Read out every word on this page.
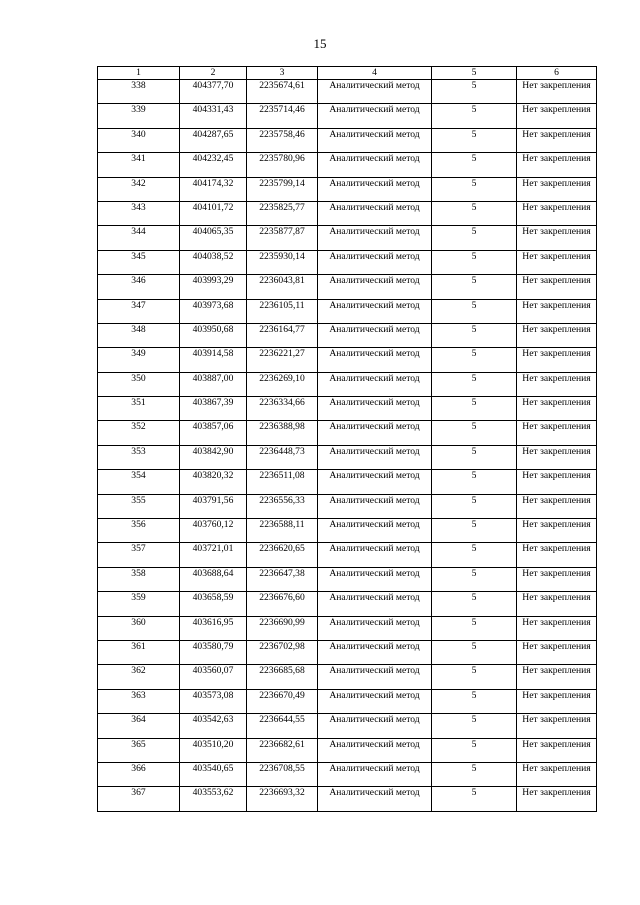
15
1	2	3	4	5	6
338	404377,70	2235674,61	Аналитический метод	5	Нет закрепления
339	404331,43	2235714,46	Аналитический метод	5	Нет закрепления
340	404287,65	2235758,46	Аналитический метод	5	Нет закрепления
341	404232,45	2235780,96	Аналитический метод	5	Нет закрепления
342	404174,32	2235799,14	Аналитический метод	5	Нет закрепления
343	404101,72	2235825,77	Аналитический метод	5	Нет закрепления
344	404065,35	2235877,87	Аналитический метод	5	Нет закрепления
345	404038,52	2235930,14	Аналитический метод	5	Нет закрепления
346	403993,29	2236043,81	Аналитический метод	5	Нет закрепления
347	403973,68	2236105,11	Аналитический метод	5	Нет закрепления
348	403950,68	2236164,77	Аналитический метод	5	Нет закрепления
349	403914,58	2236221,27	Аналитический метод	5	Нет закрепления
350	403887,00	2236269,10	Аналитический метод	5	Нет закрепления
351	403867,39	2236334,66	Аналитический метод	5	Нет закрепления
352	403857,06	2236388,98	Аналитический метод	5	Нет закрепления
353	403842,90	2236448,73	Аналитический метод	5	Нет закрепления
354	403820,32	2236511,08	Аналитический метод	5	Нет закрепления
355	403791,56	2236556,33	Аналитический метод	5	Нет закрепления
356	403760,12	2236588,11	Аналитический метод	5	Нет закрепления
357	403721,01	2236620,65	Аналитический метод	5	Нет закрепления
358	403688,64	2236647,38	Аналитический метод	5	Нет закрепления
359	403658,59	2236676,60	Аналитический метод	5	Нет закрепления
360	403616,95	2236690,99	Аналитический метод	5	Нет закрепления
361	403580,79	2236702,98	Аналитический метод	5	Нет закрепления
362	403560,07	2236685,68	Аналитический метод	5	Нет закрепления
363	403573,08	2236670,49	Аналитический метод	5	Нет закрепления
364	403542,63	2236644,55	Аналитический метод	5	Нет закрепления
365	403510,20	2236682,61	Аналитический метод	5	Нет закрепления
366	403540,65	2236708,55	Аналитический метод	5	Нет закрепления
367	403553,62	2236693,32	Аналитический метод	5	Нет закрепления
